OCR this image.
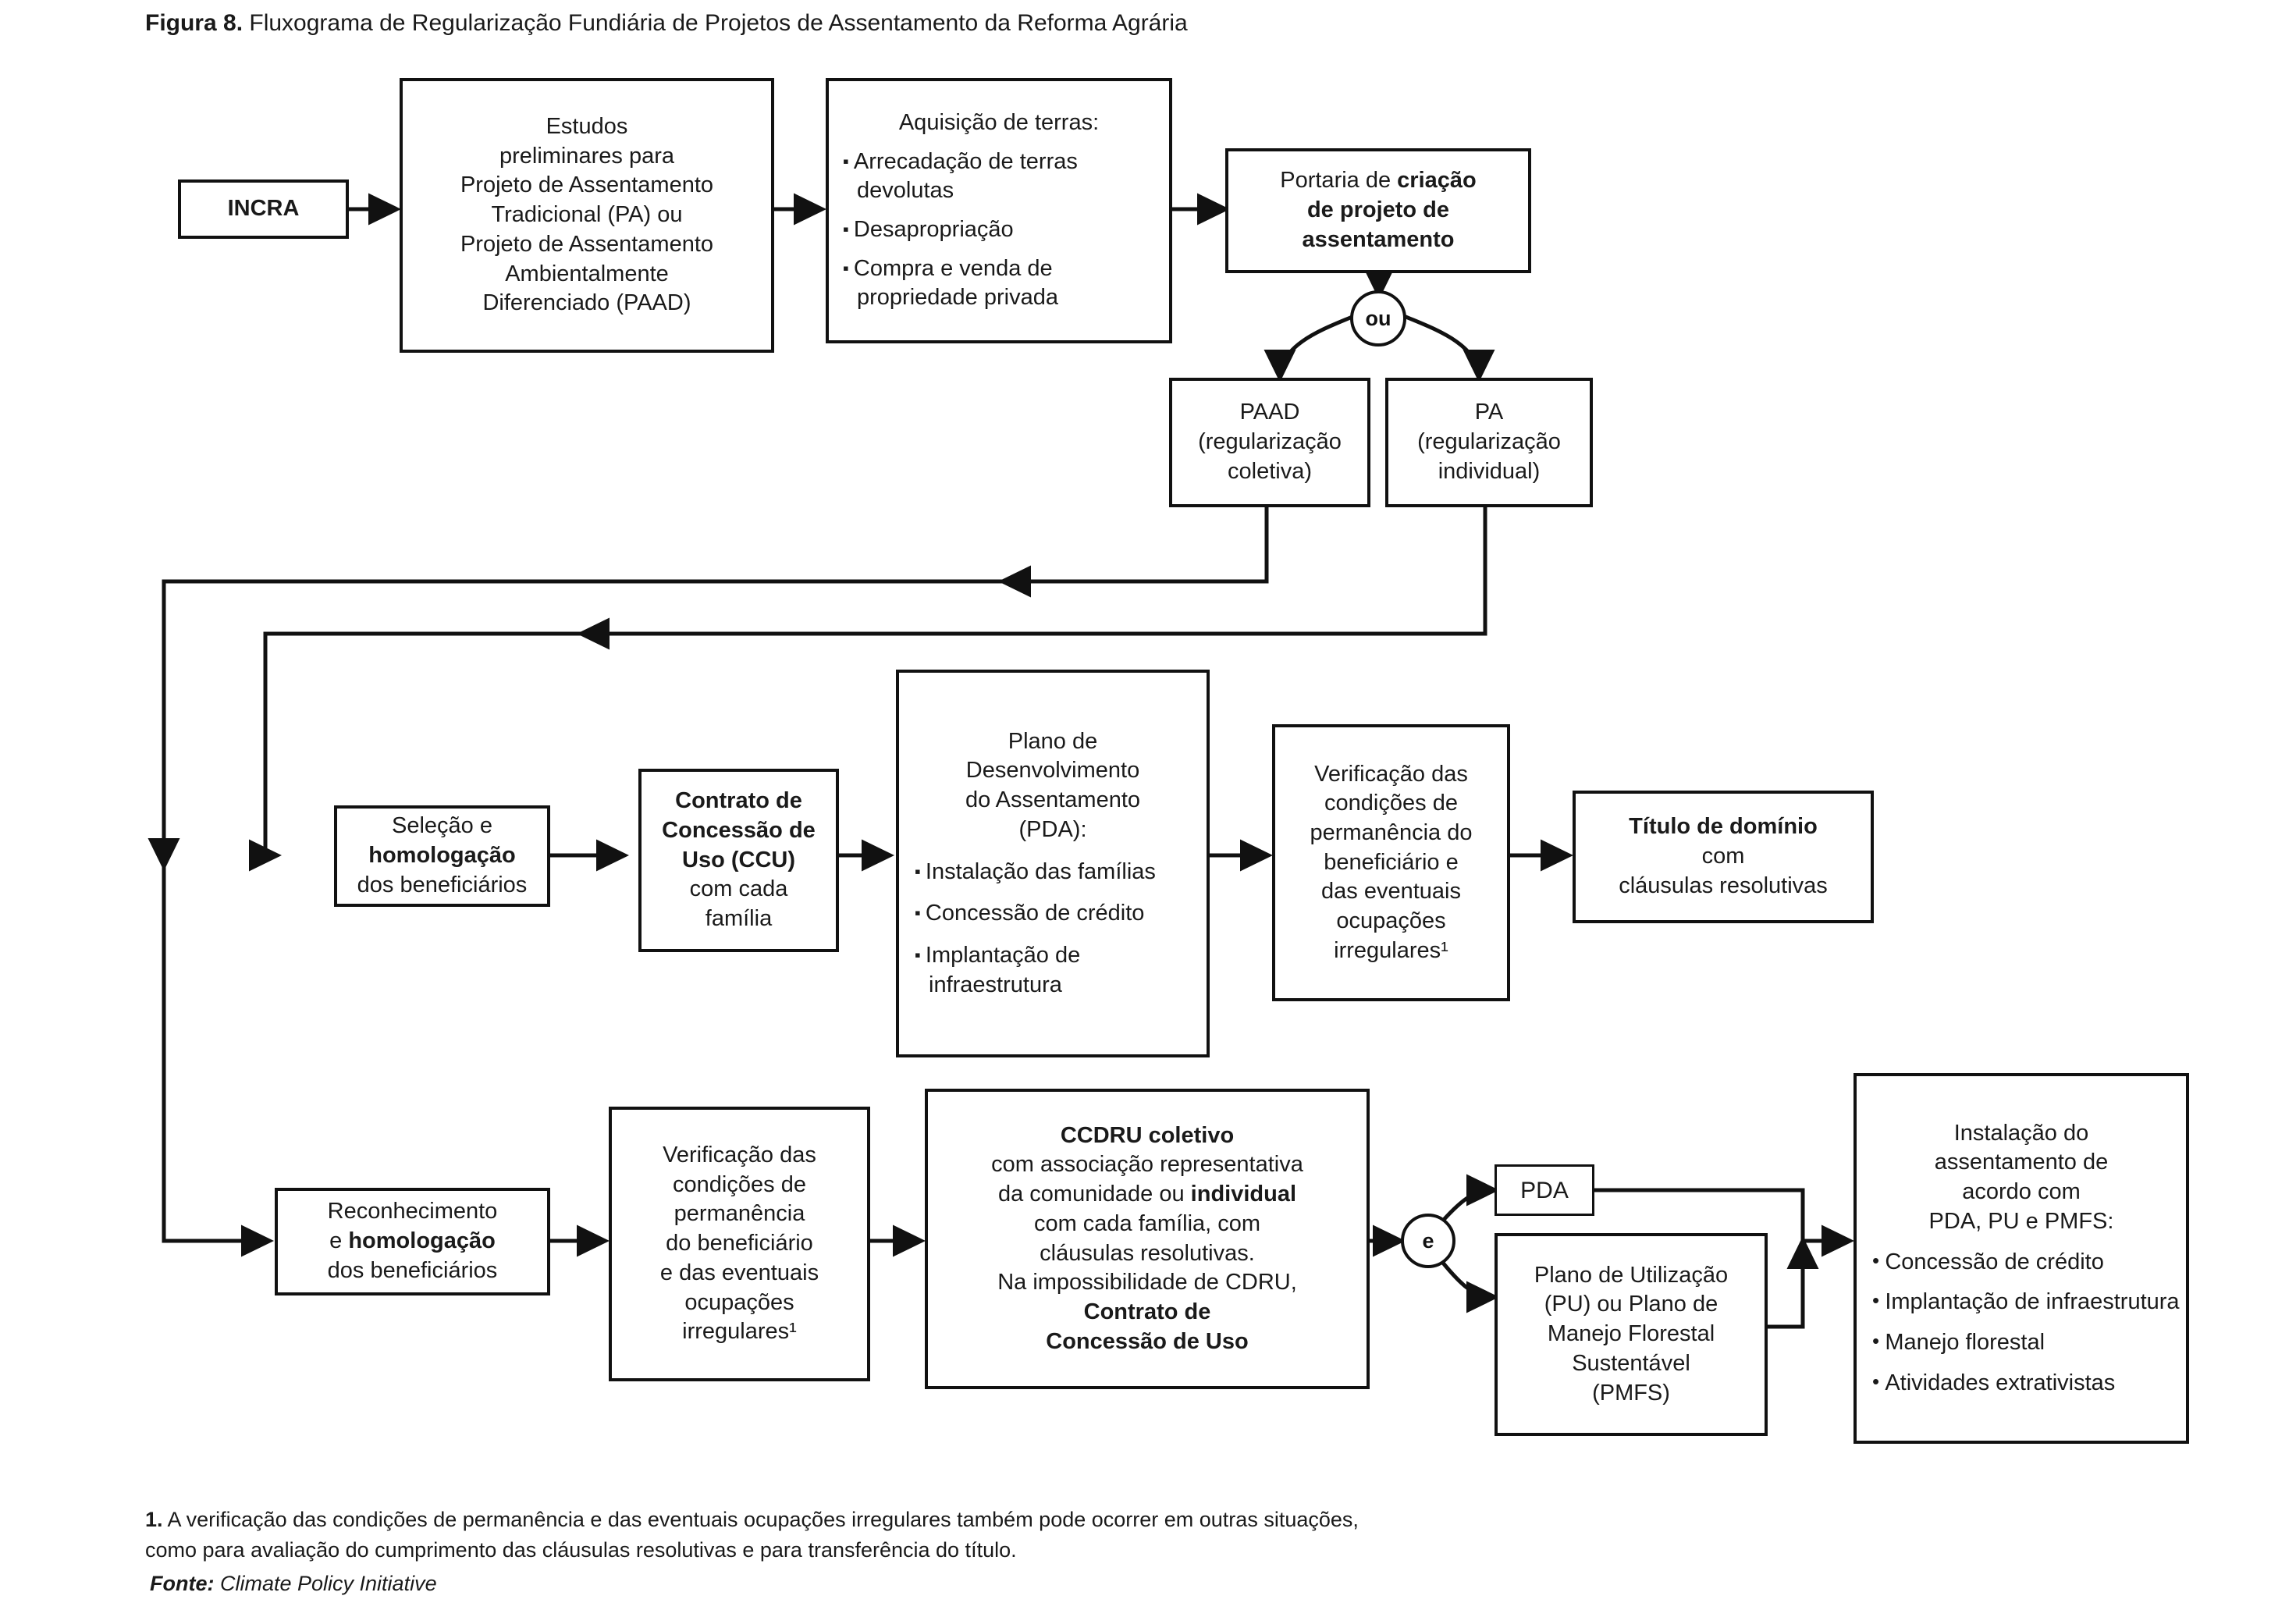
Figura 8. Fluxograma de Regularização Fundiária de Projetos de Assentamento da Reforma Agrária
INCRA
Estudos
preliminares para
Projeto de Assentamento
Tradicional (PA) ou
Projeto de Assentamento
Ambientalmente
Diferenciado (PAAD)
Aquisição de terras:
▪ Arrecadação de terras devolutas
▪ Desapropriação
▪ Compra e venda de propriedade privada
Portaria de criação
de projeto de
assentamento
ou
PAAD
(regularização
coletiva)
PA
(regularização
individual)
Seleção e
homologação
dos beneficiários
Contrato de
Concessão de
Uso (CCU)
com cada
família
Plano de
Desenvolvimento
do Assentamento
(PDA):
▪ Instalação das famílias
▪ Concessão de crédito
▪ Implantação de infraestrutura
Verificação das
condições de
permanência do
beneficiário e
das eventuais
ocupações
irregulares¹
Título de domínio
com
cláusulas resolutivas
Reconhecimento
e homologação
dos beneficiários
Verificação das
condições de
permanência
do beneficiário
e das eventuais
ocupações
irregulares¹
CCDRU coletivo
com associação representativa
da comunidade ou individual
com cada família, com
cláusulas resolutivas.
Na impossibilidade de CDRU,
Contrato de
Concessão de Uso
e
PDA
Plano de Utilização
(PU) ou Plano de
Manejo Florestal
Sustentável
(PMFS)
Instalação do
assentamento de
acordo com
PDA, PU e PMFS:
• Concessão de crédito
• Implantação de infraestrutura
• Manejo florestal
• Atividades extrativistas
1. A verificação das condições de permanência e das eventuais ocupações irregulares também pode ocorrer em outras situações,
como para avaliação do cumprimento das cláusulas resolutivas e para transferência do título.
Fonte: Climate Policy Initiative
